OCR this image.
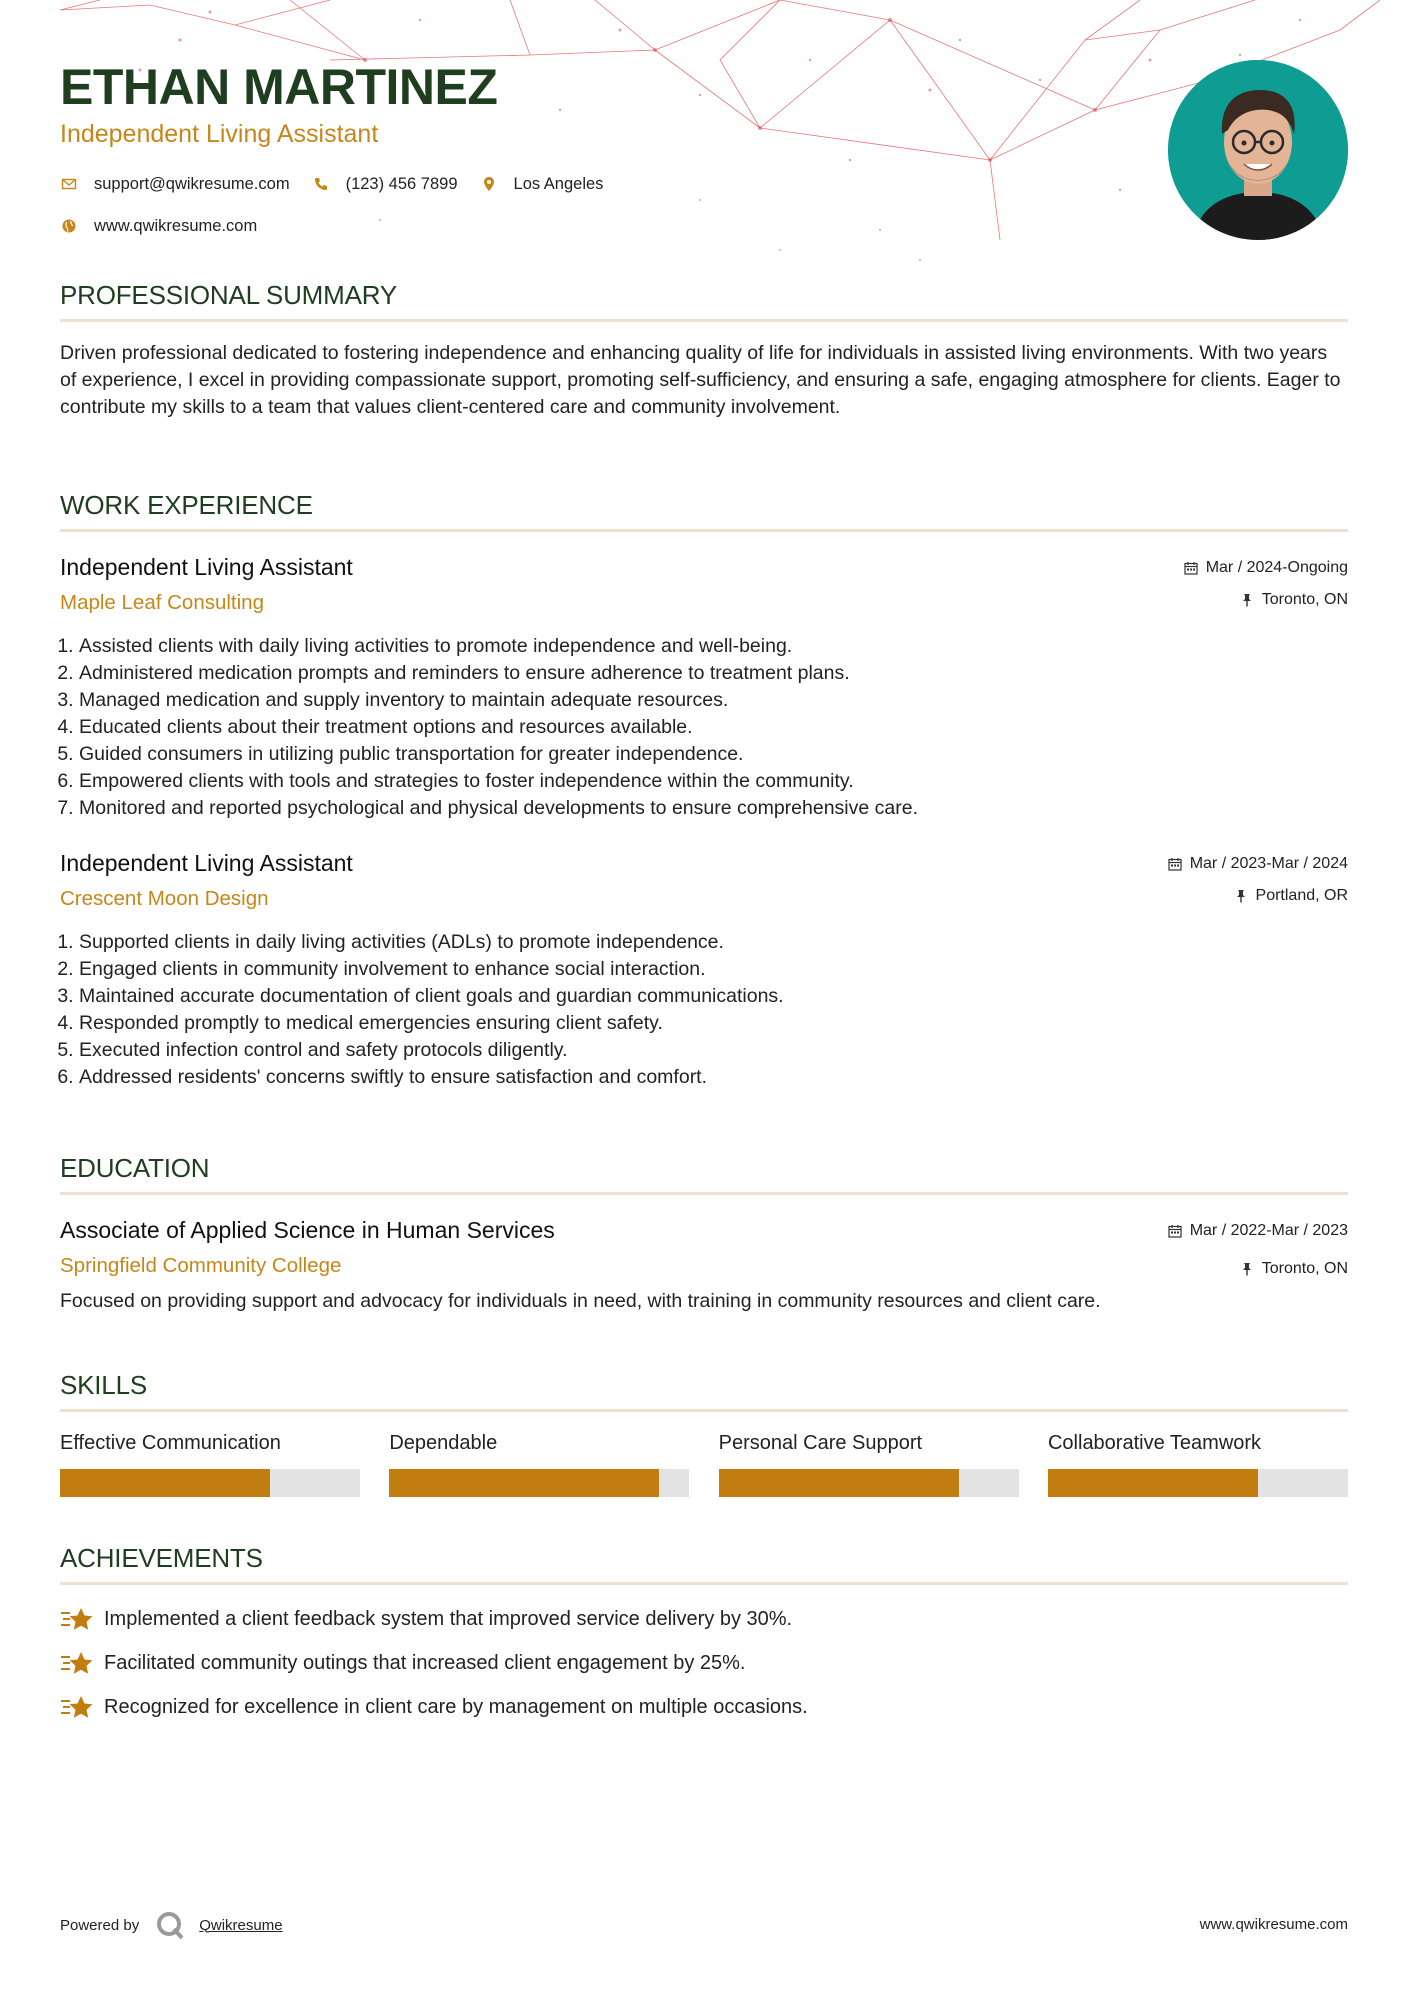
ETHAN MARTINEZ
Independent Living Assistant
support@qwikresume.com	(123) 456 7899	Los Angeles
www.qwikresume.com
PROFESSIONAL SUMMARY
Driven professional dedicated to fostering independence and enhancing quality of life for individuals in assisted living environments. With two years of experience, I excel in providing compassionate support, promoting self-sufficiency, and ensuring a safe, engaging atmosphere for clients. Eager to contribute my skills to a team that values client-centered care and community involvement.
WORK EXPERIENCE
Independent Living Assistant
Maple Leaf Consulting
Mar / 2024-Ongoing
Toronto, ON
1. Assisted clients with daily living activities to promote independence and well-being.
2. Administered medication prompts and reminders to ensure adherence to treatment plans.
3. Managed medication and supply inventory to maintain adequate resources.
4. Educated clients about their treatment options and resources available.
5. Guided consumers in utilizing public transportation for greater independence.
6. Empowered clients with tools and strategies to foster independence within the community.
7. Monitored and reported psychological and physical developments to ensure comprehensive care.
Independent Living Assistant
Crescent Moon Design
Mar / 2023-Mar / 2024
Portland, OR
1. Supported clients in daily living activities (ADLs) to promote independence.
2. Engaged clients in community involvement to enhance social interaction.
3. Maintained accurate documentation of client goals and guardian communications.
4. Responded promptly to medical emergencies ensuring client safety.
5. Executed infection control and safety protocols diligently.
6. Addressed residents' concerns swiftly to ensure satisfaction and comfort.
EDUCATION
Associate of Applied Science in Human Services
Springfield Community College
Mar / 2022-Mar / 2023
Toronto, ON
Focused on providing support and advocacy for individuals in need, with training in community resources and client care.
SKILLS
Effective Communication	Dependable	Personal Care Support	Collaborative Teamwork
ACHIEVEMENTS
Implemented a client feedback system that improved service delivery by 30%.
Facilitated community outings that increased client engagement by 25%.
Recognized for excellence in client care by management on multiple occasions.
Powered by	Qwikresume	www.qwikresume.com
